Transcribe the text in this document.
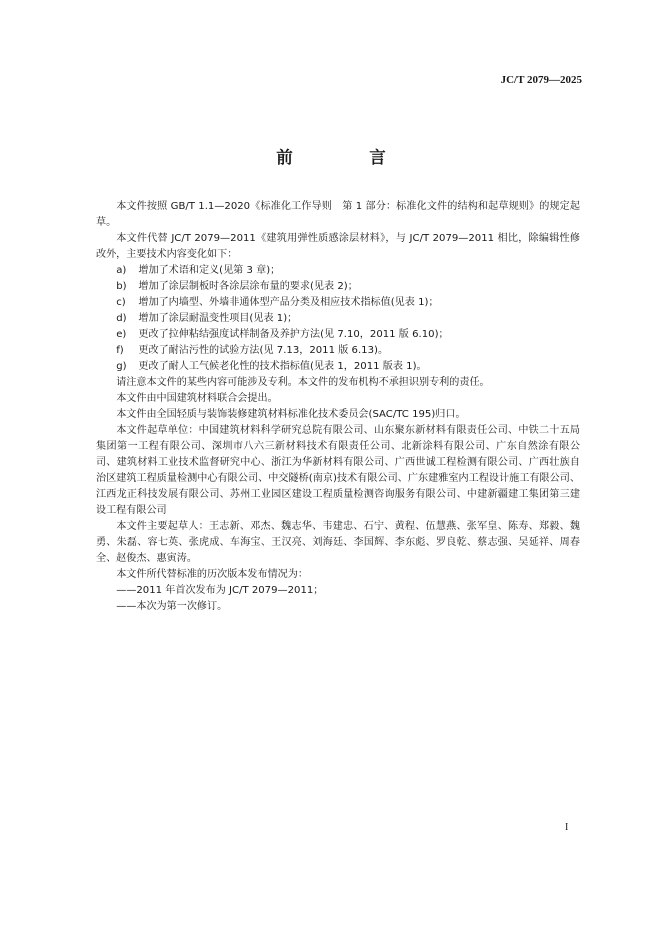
JC/T 2079—2025
前　言

本文件按照 GB/T 1.1—2020《标准化工作导则　第 1 部分：标准化文件的结构和起草规则》的规定起草。

本文件代替 JC/T 2079—2011《建筑用弹性质感涂层材料》，与 JC/T 2079—2011 相比，除编辑性修改外，主要技术内容变化如下：

a) 增加了术语和定义(见第 3 章)；

b) 增加了涂层制板时各涂层涂布量的要求(见表 2)；

c) 增加了内墙型、外墙非通体型产品分类及相应技术指标值(见表 1)；

d) 增加了涂层耐温变性项目(见表 1)；

e) 更改了拉伸粘结强度试样制备及养护方法(见 7.10，2011 版 6.10)；

f) 更改了耐沾污性的试验方法(见 7.13，2011 版 6.13)。

g) 更改了耐人工气候老化性的技术指标值(见表 1，2011 版表 1)。

请注意本文件的某些内容可能涉及专利。本文件的发布机构不承担识别专利的责任。

本文件由中国建筑材料联合会提出。

本文件由全国轻质与装饰装修建筑材料标准化技术委员会(SAC/TC 195)归口。

本文件起草单位：中国建筑材料科学研究总院有限公司、山东聚东新材料有限责任公司、中铁二十五局集团第一工程有限公司、深圳市八六三新材料技术有限责任公司、北新涂料有限公司、广东自然涂有限公司、建筑材料工业技术监督研究中心、浙江为华新材料有限公司、广西世诚工程检测有限公司、广西壮族自治区建筑工程质量检测中心有限公司、中交隧桥(南京)技术有限公司、广东建雅室内工程设计施工有限公司、江西龙正科技发展有限公司、苏州工业园区建设工程质量检测咨询服务有限公司、中建新疆建工集团第三建设工程有限公司

本文件主要起草人：王志新、邓杰、魏志华、韦建忠、石宁、黄程、伍慧燕、张军皇、陈寿、郑毅、魏勇、朱磊、容七英、张虎成、车海宝、王汉亮、刘海廷、李国辉、李东彪、罗良乾、蔡志强、吴延祥、周春全、赵俊杰、惠寅涛。

本文件所代替标准的历次版本发布情况为：

——2011 年首次发布为 JC/T 2079—2011；

——本次为第一次修订。

I
